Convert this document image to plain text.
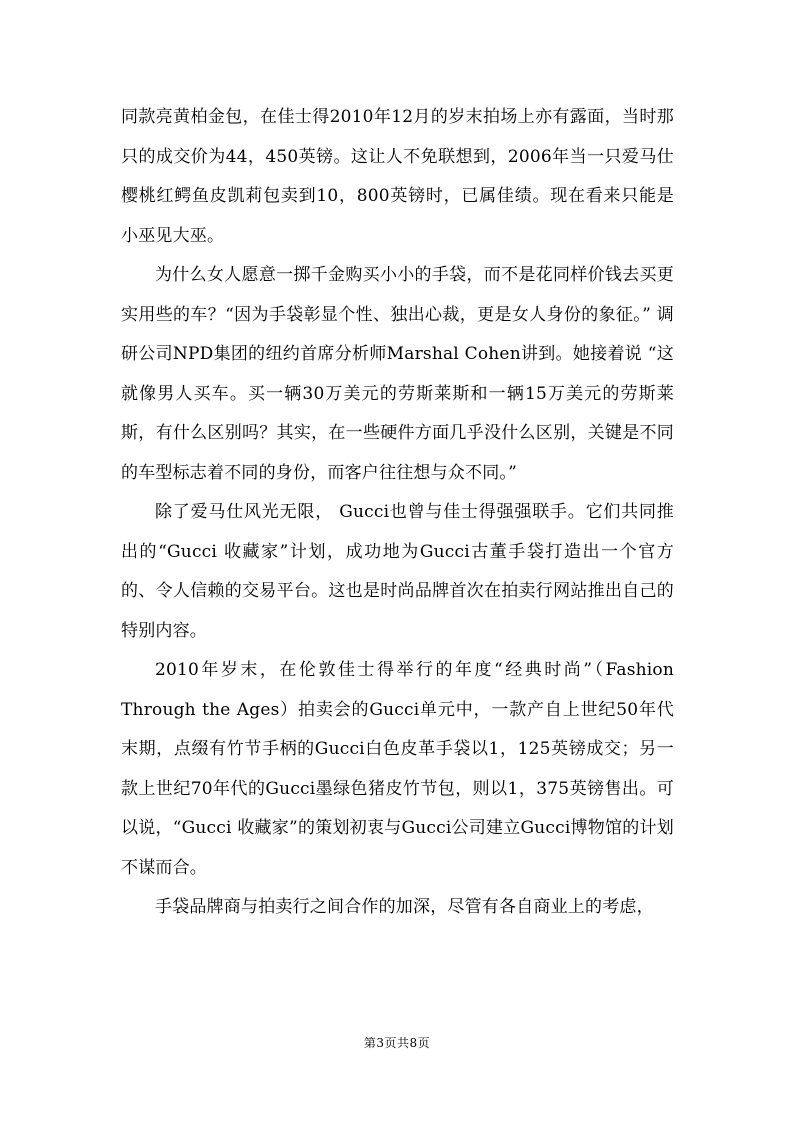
同款亮黄柏金包，在佳士得2010年12月的岁末拍场上亦有露面，当时那只的成交价为44，450英镑。这让人不免联想到，2006年当一只爱马仕樱桃红鳄鱼皮凯莉包卖到10，800英镑时，已属佳绩。现在看来只能是小巫见大巫。

为什么女人愿意一掷千金购买小小的手袋，而不是花同样价钱去买更实用些的车？“因为手袋彰显个性、独出心裁，更是女人身份的象征。” 调研公司NPD集团的纽约首席分析师Marshal Cohen讲到。她接着说 “这就像男人买车。买一辆30万美元的劳斯莱斯和一辆15万美元的劳斯莱斯，有什么区别吗？其实，在一些硬件方面几乎没什么区别，关键是不同的车型标志着不同的身份，而客户往往想与众不同。”

除了爱马仕风光无限， Gucci也曾与佳士得强强联手。它们共同推出的“Gucci 收藏家”计划，成功地为Gucci古董手袋打造出一个官方的、令人信赖的交易平台。这也是时尚品牌首次在拍卖行网站推出自己的特别内容。

2010年岁末，在伦敦佳士得举行的年度“经典时尚”（Fashion Through the Ages）拍卖会的Gucci单元中，一款产自上世纪50年代末期，点缀有竹节手柄的Gucci白色皮革手袋以1，125英镑成交；另一款上世纪70年代的Gucci墨绿色猪皮竹节包，则以1，375英镑售出。可以说，“Gucci 收藏家”的策划初衷与Gucci公司建立Gucci博物馆的计划不谋而合。

手袋品牌商与拍卖行之间合作的加深，尽管有各自商业上的考虑，

第3页共8页
